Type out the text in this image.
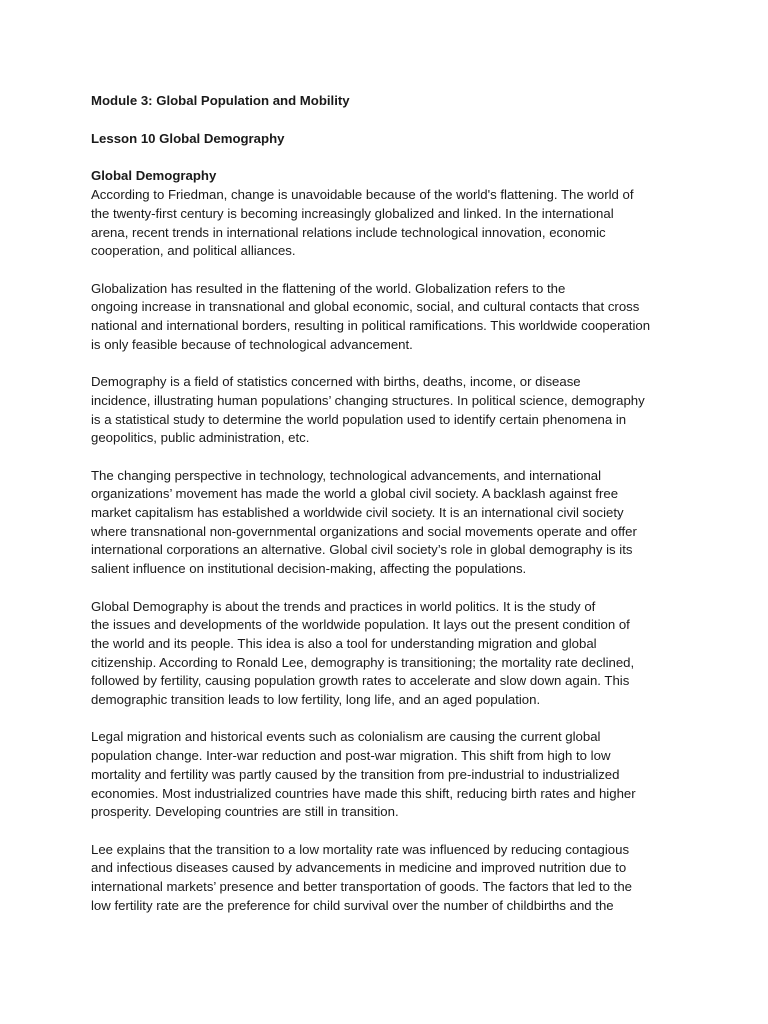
Module 3: Global Population and Mobility

Lesson 10 Global Demography

Global Demography

According to Friedman, change is unavoidable because of the world's flattening. The world of
the twenty-first century is becoming increasingly globalized and linked. In the international
arena, recent trends in international relations include technological innovation, economic
cooperation, and political alliances.
Globalization has resulted in the flattening of the world. Globalization refers to the
ongoing increase in transnational and global economic, social, and cultural contacts that cross
national and international borders, resulting in political ramifications. This worldwide cooperation
is only feasible because of technological advancement.
Demography is a field of statistics concerned with births, deaths, income, or disease
incidence, illustrating human populations’ changing structures. In political science, demography
is a statistical study to determine the world population used to identify certain phenomena in
geopolitics, public administration, etc.
The changing perspective in technology, technological advancements, and international
organizations’ movement has made the world a global civil society. A backlash against free
market capitalism has established a worldwide civil society. It is an international civil society
where transnational non-governmental organizations and social movements operate and offer
international corporations an alternative. Global civil society’s role in global demography is its
salient influence on institutional decision-making, affecting the populations.
Global Demography is about the trends and practices in world politics. It is the study of
the issues and developments of the worldwide population. It lays out the present condition of
the world and its people. This idea is also a tool for understanding migration and global
citizenship. According to Ronald Lee, demography is transitioning; the mortality rate declined,
followed by fertility, causing population growth rates to accelerate and slow down again. This
demographic transition leads to low fertility, long life, and an aged population.
Legal migration and historical events such as colonialism are causing the current global
population change. Inter-war reduction and post-war migration. This shift from high to low
mortality and fertility was partly caused by the transition from pre-industrial to industrialized
economies. Most industrialized countries have made this shift, reducing birth rates and higher
prosperity. Developing countries are still in transition.
Lee explains that the transition to a low mortality rate was influenced by reducing contagious
and infectious diseases caused by advancements in medicine and improved nutrition due to
international markets’ presence and better transportation of goods. The factors that led to the
low fertility rate are the preference for child survival over the number of childbirths and the
